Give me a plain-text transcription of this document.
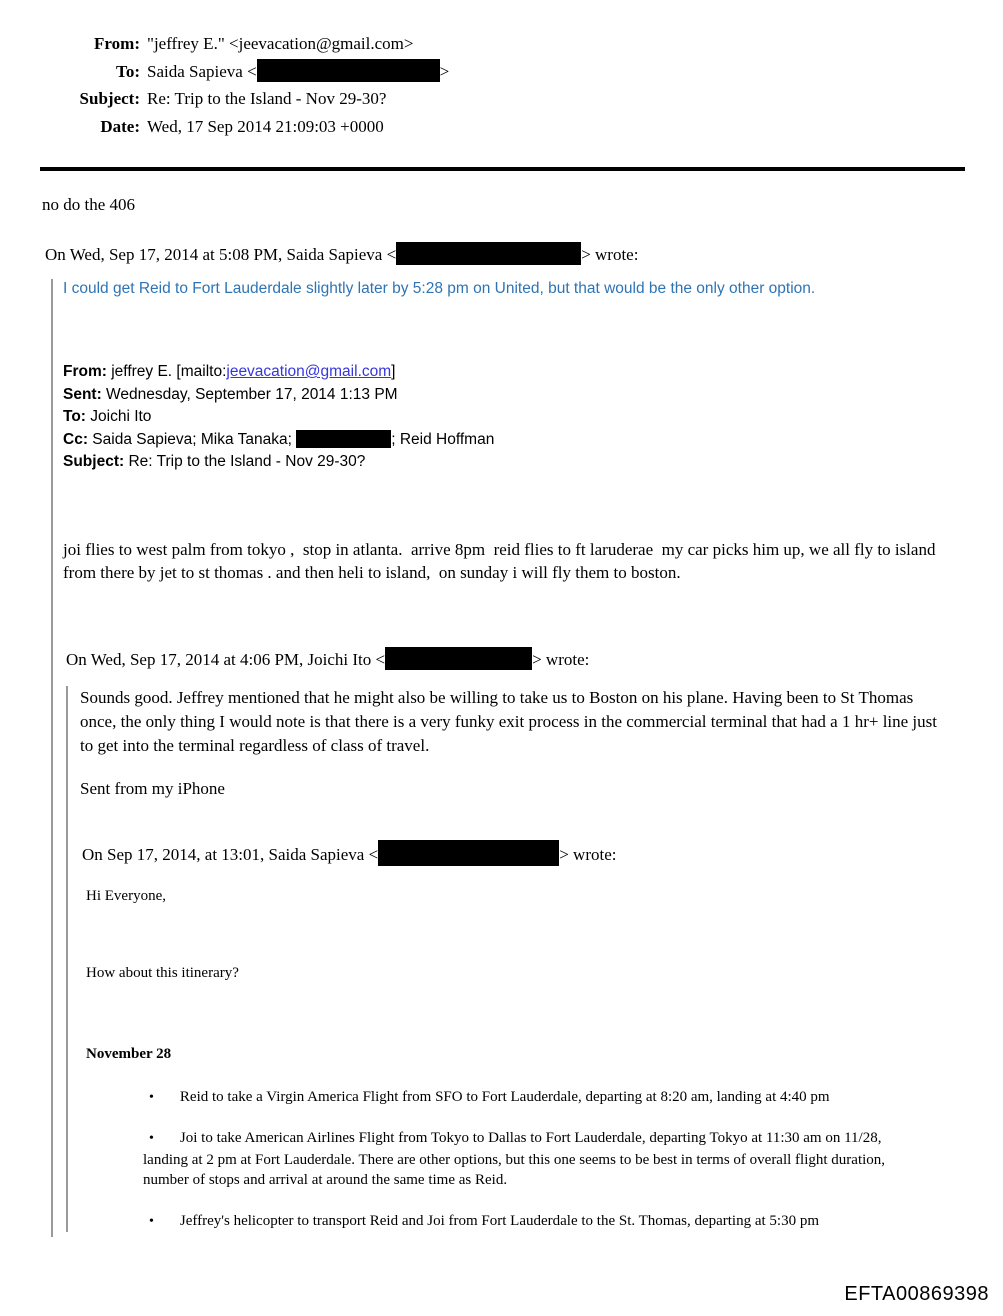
From: "jeffrey E." <jeevacation@gmail.com>
To: Saida Sapieva <	>
Subject: Re: Trip to the Island - Nov 29-30?
Date: Wed, 17 Sep 2014 21:09:03 +0000
no do the 406
On Wed, Sep 17, 2014 at 5:08 PM, Saida Sapieva <	> wrote:
I could get Reid to Fort Lauderdale slightly later by 5:28 pm on United, but that would be the only other option.
From: jeffrey E. [mailto:jeevacation@gmail.com]
Sent: Wednesday, September 17, 2014 1:13 PM
To: Joichi Ito
Cc: Saida Sapieva; Mika Tanaka;	; Reid Hoffman
Subject: Re: Trip to the Island - Nov 29-30?
joi flies to west palm from tokyo ,  stop in atlanta.  arrive 8pm  reid flies to ft laruderae  my car picks him up, we all fly to island from there by jet to st thomas . and then heli to island,  on sunday i will fly them to boston.
On Wed, Sep 17, 2014 at 4:06 PM, Joichi Ito <	> wrote:
Sounds good. Jeffrey mentioned that he might also be willing to take us to Boston on his plane. Having been to St Thomas once, the only thing I would note is that there is a very funky exit process in the commercial terminal that had a 1 hr+ line just to get into the terminal regardless of class of travel.
Sent from my iPhone
On Sep 17, 2014, at 13:01, Saida Sapieva <	> wrote:
Hi Everyone,
How about this itinerary?
November 28
• Reid to take a Virgin America Flight from SFO to Fort Lauderdale, departing at 8:20 am, landing at 4:40 pm
• Joi to take American Airlines Flight from Tokyo to Dallas to Fort Lauderdale, departing Tokyo at 11:30 am on 11/28, landing at 2 pm at Fort Lauderdale. There are other options, but this one seems to be best in terms of overall flight duration, number of stops and arrival at around the same time as Reid.
• Jeffrey's helicopter to transport Reid and Joi from Fort Lauderdale to the St. Thomas, departing at 5:30 pm
EFTA00869398
